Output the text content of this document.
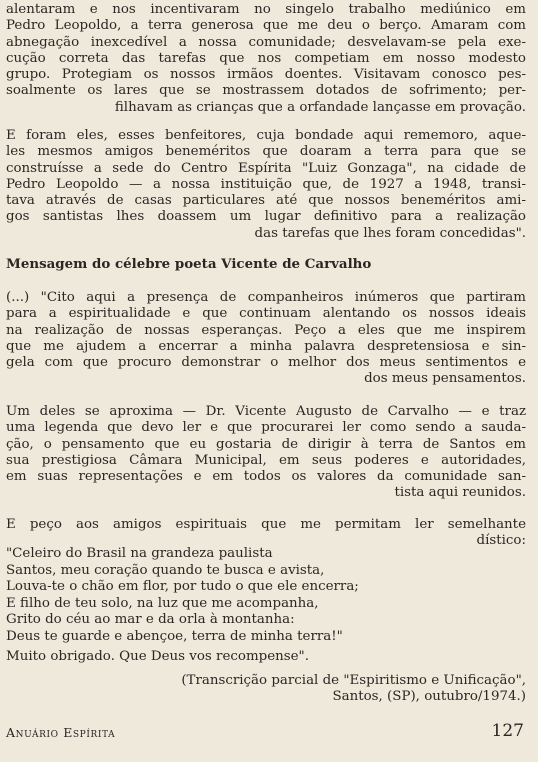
alentaram e nos incentivaram no singelo trabalho mediúnico em
Pedro Leopoldo, a terra generosa que me deu o berço. Amaram com
abnegação inexcedível a nossa comunidade; desvelavam-se pela exe-
cução correta das tarefas que nos competiam em nosso modesto
grupo. Protegiam os nossos irmãos doentes. Visitavam conosco pes-
soalmente os lares que se mostrassem dotados de sofrimento; per-
filhavam as crianças que a orfandade lançasse em provação.
E foram eles, esses benfeitores, cuja bondade aqui rememoro, aque-
les mesmos amigos beneméritos que doaram a terra para que se
construísse a sede do Centro Espírita "Luiz Gonzaga", na cidade de
Pedro Leopoldo — a nossa instituição que, de 1927 a 1948, transi-
tava através de casas particulares até que nossos beneméritos ami-
gos santistas lhes doassem um lugar definitivo para a realização
das tarefas que lhes foram concedidas".
Mensagem do célebre poeta Vicente de Carvalho
(...) "Cito aqui a presença de companheiros inúmeros que partiram
para a espiritualidade e que continuam alentando os nossos ideais
na realização de nossas esperanças. Peço a eles que me inspirem
que me ajudem a encerrar a minha palavra despretensiosa e sin-
gela com que procuro demonstrar o melhor dos meus sentimentos e
dos meus pensamentos.
Um deles se aproxima — Dr. Vicente Augusto de Carvalho — e traz
uma legenda que devo ler e que procurarei ler como sendo a sauda-
ção, o pensamento que eu gostaria de dirigir à terra de Santos em
sua prestigiosa Câmara Municipal, em seus poderes e autoridades,
em suas representações e em todos os valores da comunidade san-
tista aqui reunidos.
E peço aos amigos espirituais que me permitam ler semelhante
dístico:
"Celeiro do Brasil na grandeza paulista
Santos, meu coração quando te busca e avista,
Louva-te o chão em flor, por tudo o que ele encerra;
E filho de teu solo, na luz que me acompanha,
Grito do céu ao mar e da orla à montanha:
Deus te guarde e abençoe, terra de minha terra!"
Muito obrigado. Que Deus vos recompense".
(Transcrição parcial de "Espiritismo e Unificação",
Santos, (SP), outubro/1974.)
Anuário Espírita	127
